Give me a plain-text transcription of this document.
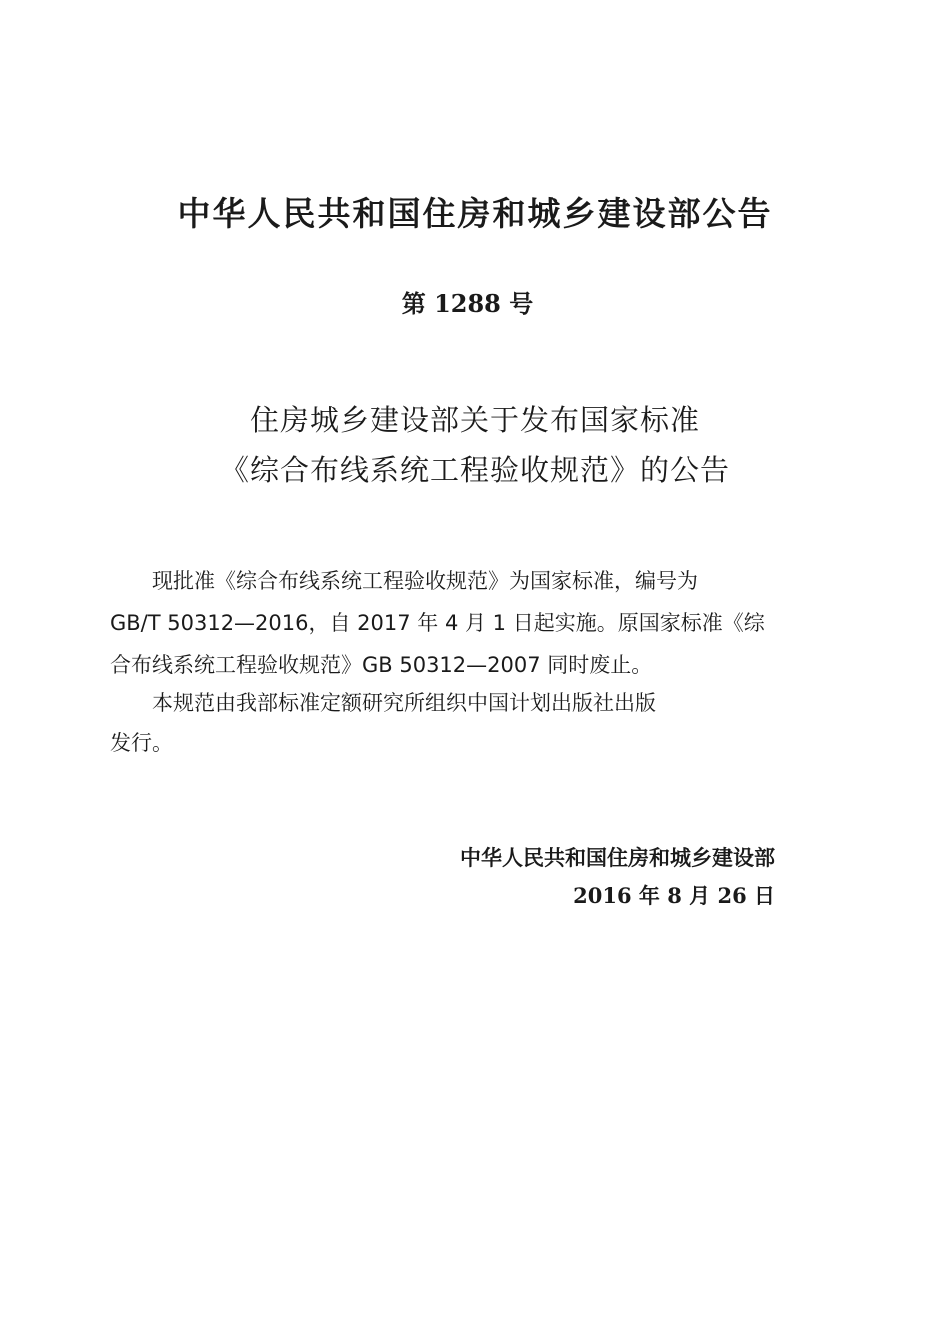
中华人民共和国住房和城乡建设部公告
第 1288 号
住房城乡建设部关于发布国家标准
《综合布线系统工程验收规范》的公告
　　现批准《综合布线系统工程验收规范》为国家标准，编号为
GB/T 50312—2016，自 2017 年 4 月 1 日起实施。原国家标准《综
合布线系统工程验收规范》GB 50312—2007 同时废止。
　　本规范由我部标准定额研究所组织中国计划出版社出版
发行。
中华人民共和国住房和城乡建设部
2016 年 8 月 26 日
